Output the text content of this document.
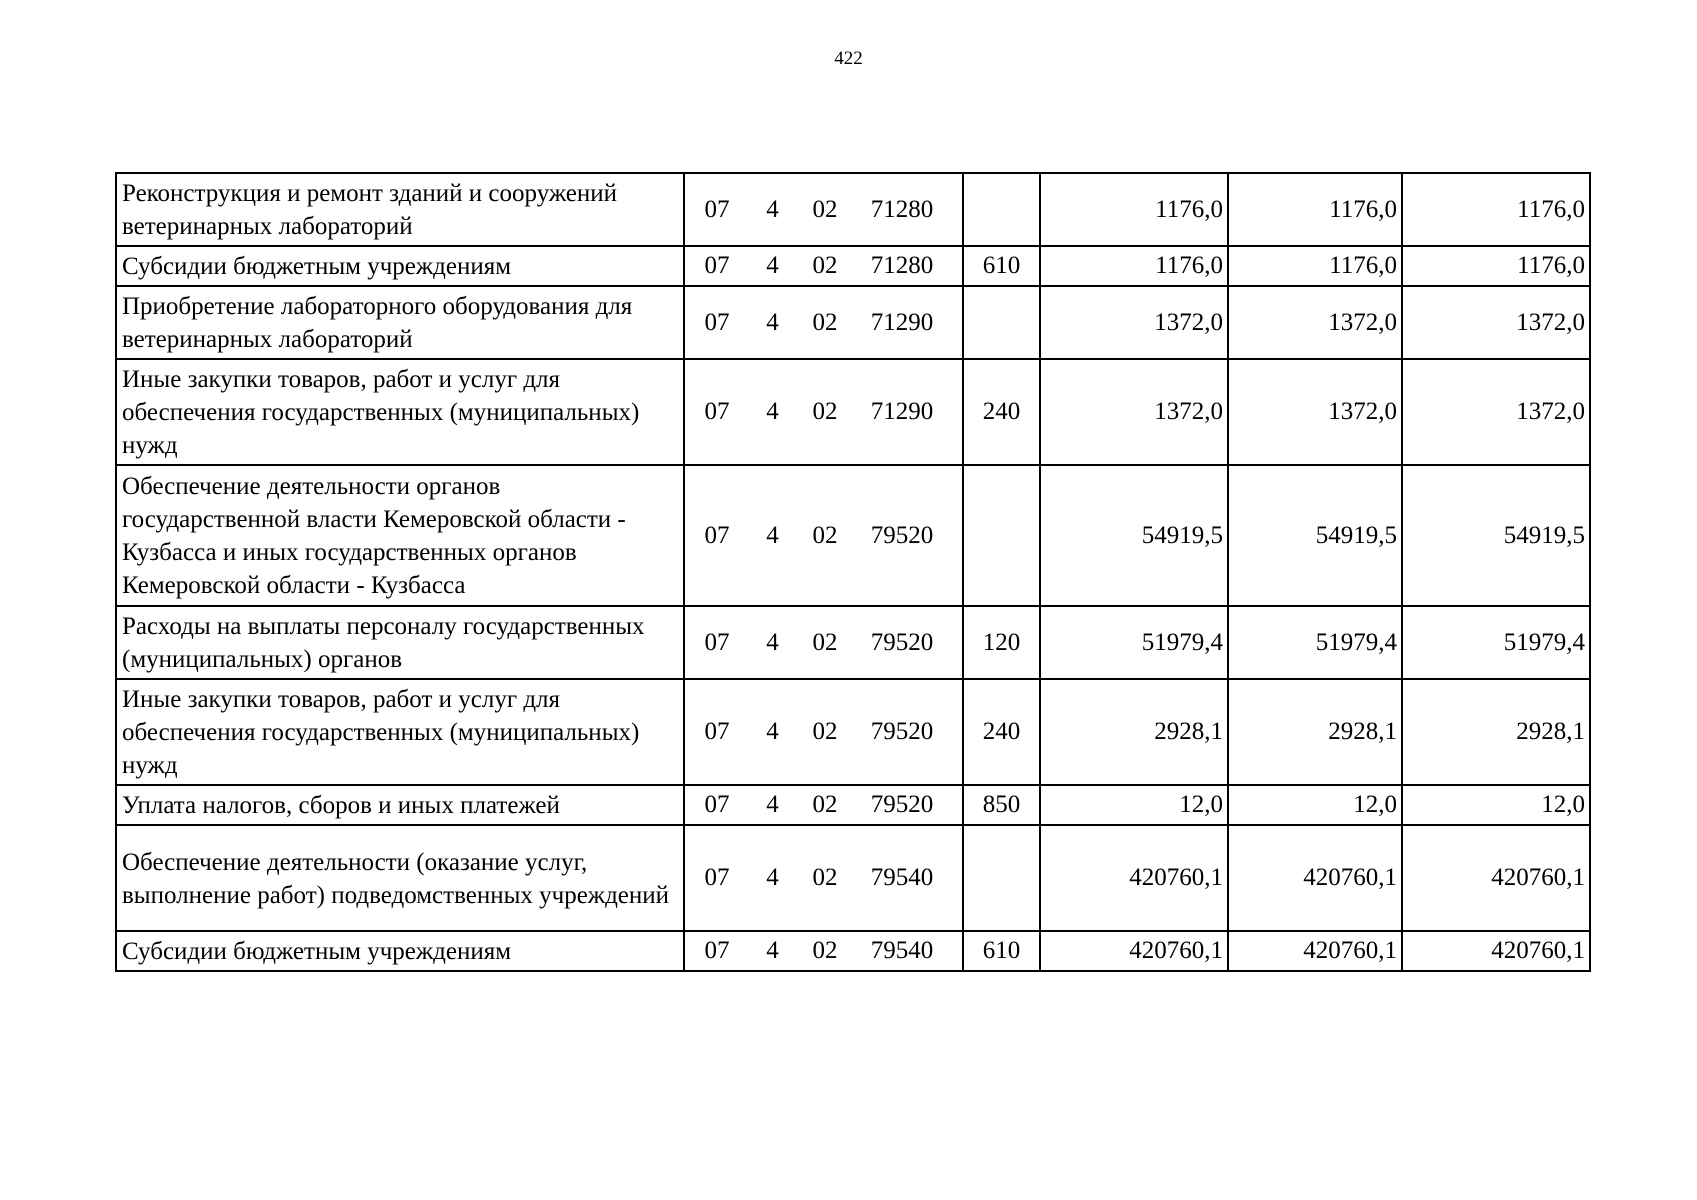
422
Реконструкция и ремонт зданий и сооружений ветеринарных лабораторий	07 4 02 71280		1176,0	1176,0	1176,0
Субсидии бюджетным учреждениям	07 4 02 71280	610	1176,0	1176,0	1176,0
Приобретение лабораторного оборудования для ветеринарных лабораторий	07 4 02 71290		1372,0	1372,0	1372,0
Иные закупки товаров, работ и услуг для обеспечения государственных (муниципальных) нужд	07 4 02 71290	240	1372,0	1372,0	1372,0
Обеспечение деятельности органов государственной власти Кемеровской области - Кузбасса и иных государственных органов Кемеровской области - Кузбасса	07 4 02 79520		54919,5	54919,5	54919,5
Расходы на выплаты персоналу государственных (муниципальных) органов	07 4 02 79520	120	51979,4	51979,4	51979,4
Иные закупки товаров, работ и услуг для обеспечения государственных (муниципальных) нужд	07 4 02 79520	240	2928,1	2928,1	2928,1
Уплата налогов, сборов и иных платежей	07 4 02 79520	850	12,0	12,0	12,0
Обеспечение деятельности (оказание услуг, выполнение работ) подведомственных учреждений	07 4 02 79540		420760,1	420760,1	420760,1
Субсидии бюджетным учреждениям	07 4 02 79540	610	420760,1	420760,1	420760,1
